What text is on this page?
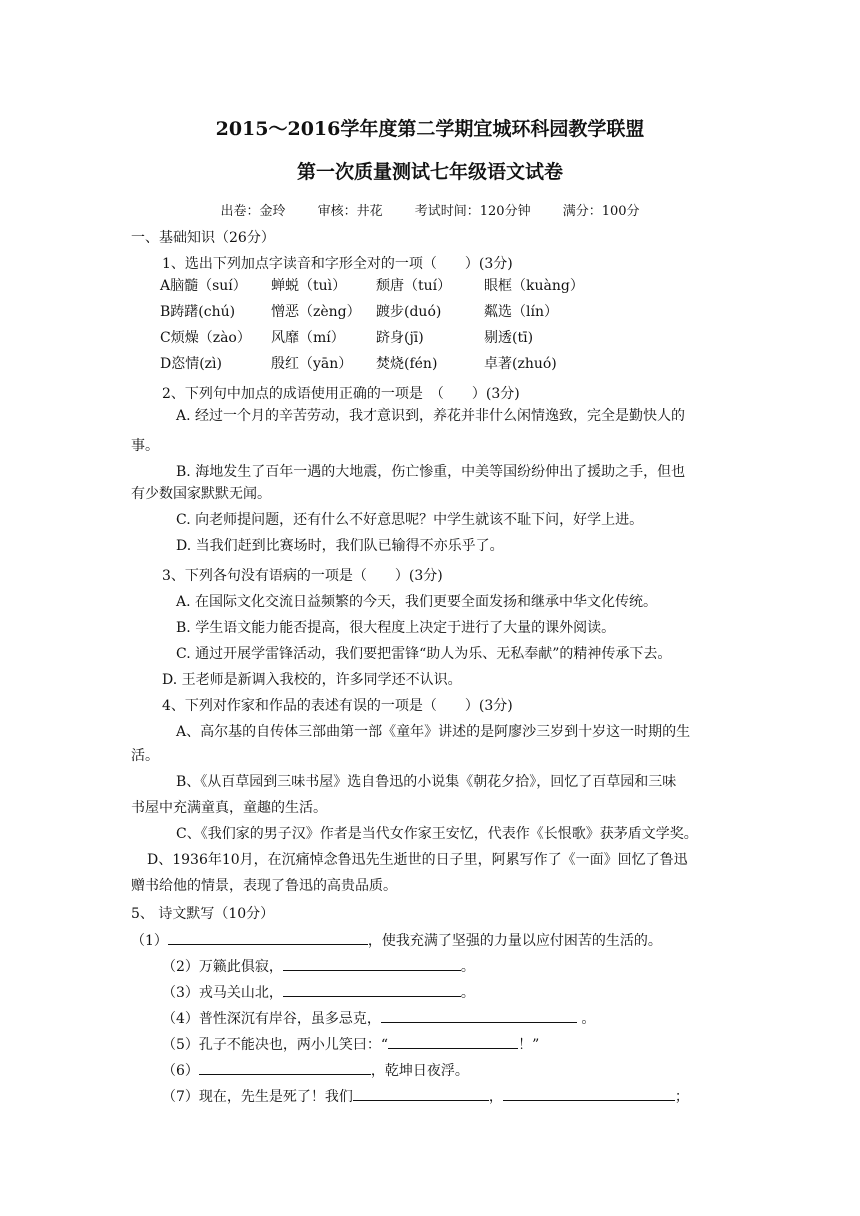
2015～2016学年度第二学期宜城环科园教学联盟
第一次质量测试七年级语文试卷
出卷：金玲 审核：井花 考试时间：120分钟 满分：100分
一、基础知识（26分）
1、选出下列加点字读音和字形全对的一项（　　）(3分)
A脑髓（suí） 蝉蜕（tuì） 颓唐（tuí） 眼框（kuàng）
B踌躇(chú)	憎恶（zèng） 踱步(duó)	粼选（lín）
C烦燥（zào） 风靡（mí） 跻身(jī)	剔透(tī)
D恣情(zì)	殷红（yān） 焚烧(fén)	卓著(zhuó)
2、下列句中加点的成语使用正确的一项是　（　　）(3分)
A. 经过一个月的辛苦劳动，我才意识到，养花并非什么闲情逸致，完全是勤快人的
事。
B. 海地发生了百年一遇的大地震，伤亡惨重，中美等国纷纷伸出了援助之手，但也
有少数国家默默无闻。
C. 向老师提问题，还有什么不好意思呢？中学生就该不耻下问，好学上进。
D. 当我们赶到比赛场时，我们队已输得不亦乐乎了。
3、下列各句没有语病的一项是（　　）(3分)
A. 在国际文化交流日益频繁的今天，我们更要全面发扬和继承中华文化传统。
B. 学生语文能力能否提高，很大程度上决定于进行了大量的课外阅读。
C. 通过开展学雷锋活动，我们要把雷锋“助人为乐、无私奉献”的精神传承下去。
D. 王老师是新调入我校的，许多同学还不认识。
4、下列对作家和作品的表述有误的一项是（　　）(3分)
A、高尔基的自传体三部曲第一部《童年》讲述的是阿廖沙三岁到十岁这一时期的生
活。
B、《从百草园到三味书屋》选自鲁迅的小说集《朝花夕拾》，回忆了百草园和三味
书屋中充满童真，童趣的生活。
C、《我们家的男子汉》作者是当代女作家王安忆，代表作《长恨歌》获茅盾文学奖。
D、1936年10月，在沉痛悼念鲁迅先生逝世的日子里，阿累写作了《一面》回忆了鲁迅
赠书给他的情景，表现了鲁迅的高贵品质。
5、 诗文默写（10分）
（1）	，使我充满了坚强的力量以应付困苦的生活的。
（2）万籁此俱寂，	。
（3）戎马关山北，	。
（4）普性深沉有岸谷，虽多忌克，	。
（5）孔子不能决也，两小儿笑曰：“	！”
（6）	，乾坤日夜浮。
（7）现在，先生是死了！我们	，	；
